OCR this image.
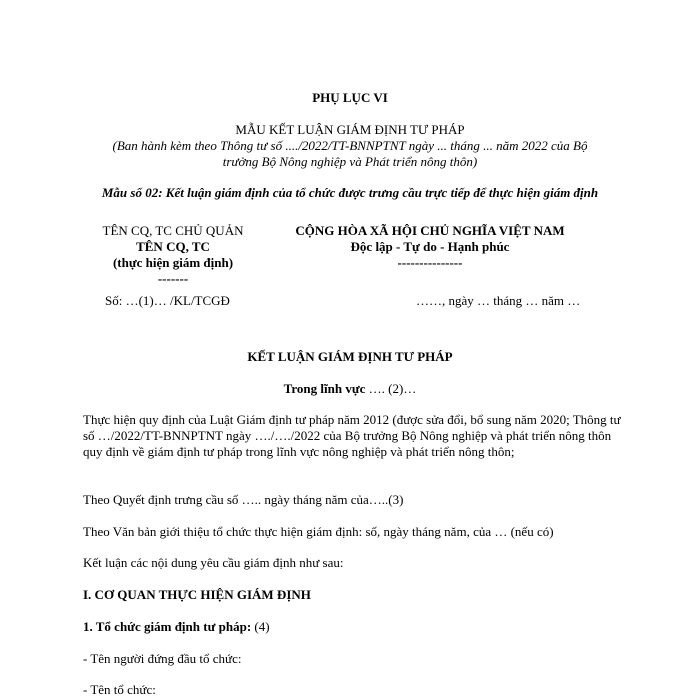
PHỤ LỤC VI
MẪU KẾT LUẬN GIÁM ĐỊNH TƯ PHÁP
(Ban hành kèm theo Thông tư số ..../2022/TT-BNNPTNT ngày ... tháng ... năm 2022 của Bộ
trưởng Bộ Nông nghiệp và Phát triển nông thôn)
Mẫu số 02: Kết luận giám định của tổ chức được trưng cầu trực tiếp để thực hiện giám định
TÊN CQ, TC CHỦ QUẢN
TÊN CQ, TC
(thực hiện giám định)
-------
Số: …(1)… /KL/TCGĐ
CỘNG HÒA XÃ HỘI CHỦ NGHĨA VIỆT NAM
Độc lập - Tự do - Hạnh phúc
---------------
……, ngày … tháng … năm …
KẾT LUẬN GIÁM ĐỊNH TƯ PHÁP
Trong lĩnh vực …. (2)…
Thực hiện quy định của Luật Giám định tư pháp năm 2012 (được sửa đổi, bổ sung năm 2020; Thông tư số …/2022/TT-BNNPTNT ngày …./…./2022 của Bộ trưởng Bộ Nông nghiệp và phát triển nông thôn quy định về giám định tư pháp trong lĩnh vực nông nghiệp và phát triển nông thôn;
Theo Quyết định trưng cầu số ….. ngày tháng năm của…..(3)
Theo Văn bản giới thiệu tổ chức thực hiện giám định: số, ngày tháng năm, của … (nếu có)
Kết luận các nội dung yêu cầu giám định như sau:
I. CƠ QUAN THỰC HIỆN GIÁM ĐỊNH
1. Tổ chức giám định tư pháp: (4)
- Tên người đứng đầu tổ chức:
- Tên tổ chức:
